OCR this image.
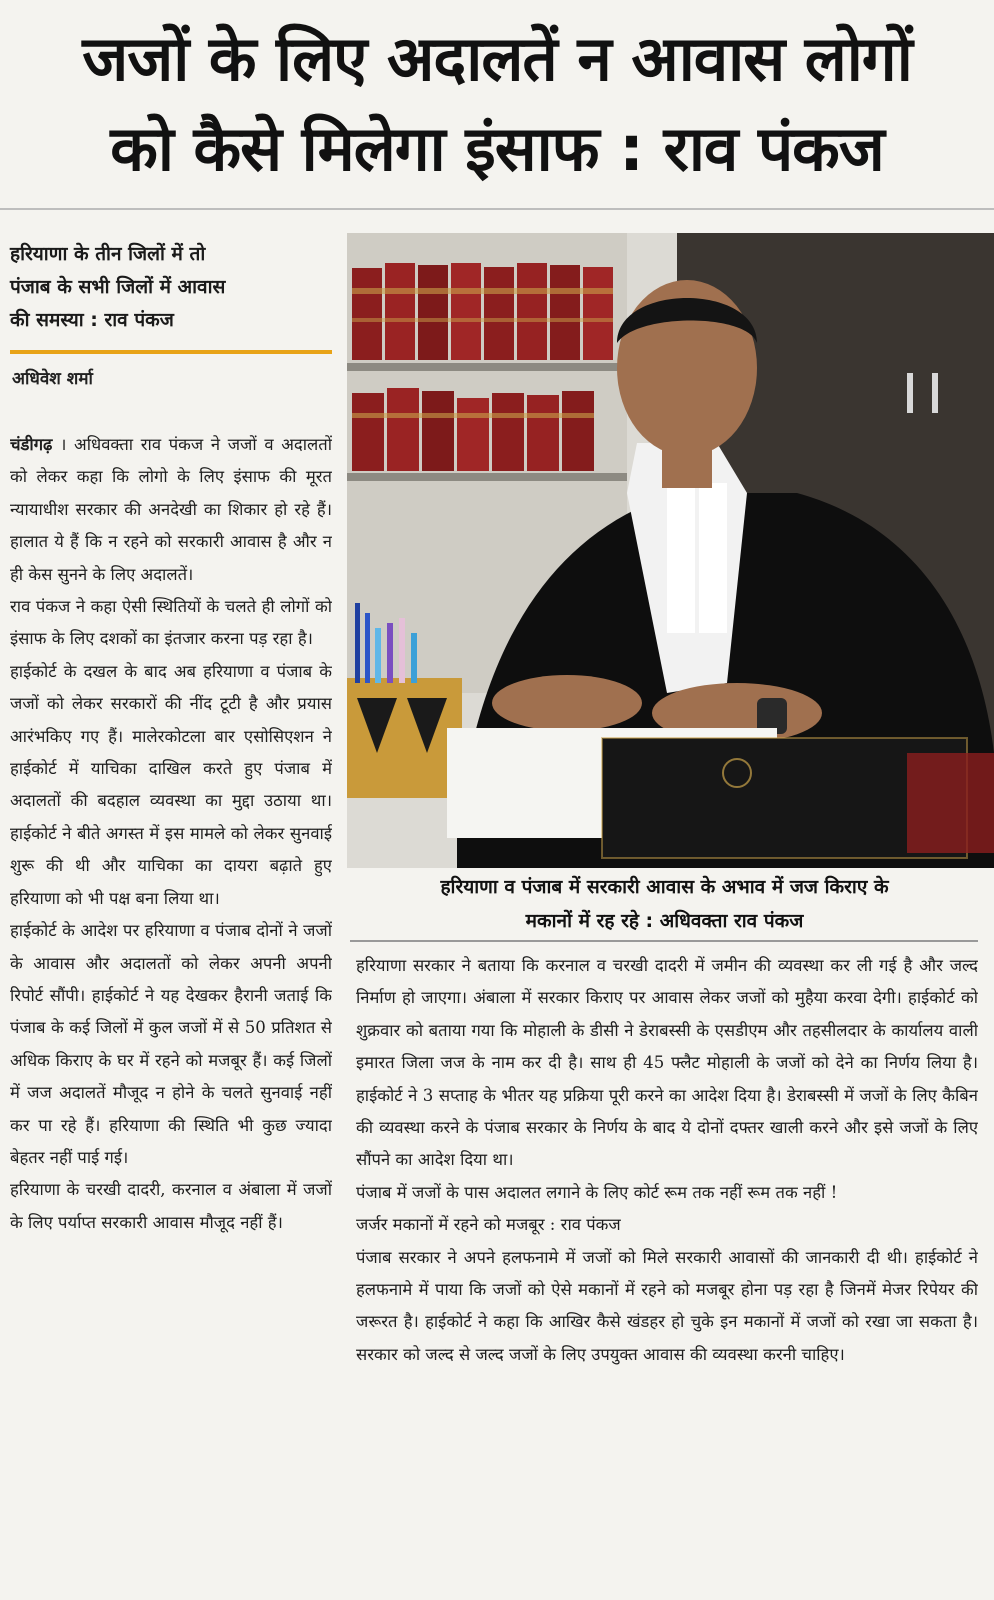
जजों के लिए अदालतें न आवास लोगों
को कैसे मिलेगा इंसाफ : राव पंकज
हरियाणा के तीन जिलों में तो
पंजाब के सभी जिलों में आवास
की समस्या : राव पंकज
अधिवेश शर्मा

चंडीगढ़ । अधिवक्ता राव पंकज ने जजों व अदालतों को लेकर कहा कि लोगो के लिए इंसाफ की मूरत न्यायाधीश सरकार की अनदेखी का शिकार हो रहे हैं। हालात ये हैं कि न रहने को सरकारी आवास है और न ही केस सुनने के लिए अदालतें।

राव पंकज ने कहा ऐसी स्थितियों के चलते ही लोगों को इंसाफ के लिए दशकों का इंतजार करना पड़ रहा है।

हाईकोर्ट के दखल के बाद अब हरियाणा व पंजाब के जजों को लेकर सरकारों की नींद टूटी है और प्रयास आरंभकिए गए हैं। मालेरकोटला बार एसोसिएशन ने हाईकोर्ट में याचिका दाखिल करते हुए पंजाब में अदालतों की बदहाल व्यवस्था का मुद्दा उठाया था। हाईकोर्ट ने बीते अगस्त में इस मामले को लेकर सुनवाई शुरू की थी और याचिका का दायरा बढ़ाते हुए हरियाणा को भी पक्ष बना लिया था।

हाईकोर्ट के आदेश पर हरियाणा व पंजाब दोनों ने जजों के आवास और अदालतों को लेकर अपनी अपनी रिपोर्ट सौंपी। हाईकोर्ट ने यह देखकर हैरानी जताई कि पंजाब के कई जिलों में कुल जजों में से 50 प्रतिशत से अधिक किराए के घर में रहने को मजबूर हैं। कई जिलों में जज अदालतें मौजूद न होने के चलते सुनवाई नहीं कर पा रहे हैं। हरियाणा की स्थिति भी कुछ ज्यादा बेहतर नहीं पाई गई।

हरियाणा के चरखी दादरी, करनाल व अंबाला में जजों के लिए पर्याप्त सरकारी आवास मौजूद नहीं हैं।

हरियाणा व पंजाब में सरकारी आवास के अभाव में जज किराए के
मकानों में रह रहे : अधिवक्ता राव पंकज

हरियाणा सरकार ने बताया कि करनाल व चरखी दादरी में जमीन की व्यवस्था कर ली गई है और जल्द निर्माण हो जाएगा। अंबाला में सरकार किराए पर आवास लेकर जजों को मुहैया करवा देगी। हाईकोर्ट को शुक्रवार को बताया गया कि मोहाली के डीसी ने डेराबस्सी के एसडीएम और तहसीलदार के कार्यालय वाली इमारत जिला जज के नाम कर दी है। साथ ही 45 फ्लैट मोहाली के जजों को देने का निर्णय लिया है। हाईकोर्ट ने 3 सप्ताह के भीतर यह प्रक्रिया पूरी करने का आदेश दिया है। डेराबस्सी में जजों के लिए कैबिन की व्यवस्था करने के पंजाब सरकार के निर्णय के बाद ये दोनों दफ्तर खाली करने और इसे जजों के लिए सौंपने का आदेश दिया था।

पंजाब में जजों के पास अदालत लगाने के लिए कोर्ट रूम तक नहीं रूम तक नहीं !

जर्जर मकानों में रहने को मजबूर : राव पंकज

पंजाब सरकार ने अपने हलफनामे में जजों को मिले सरकारी आवासों की जानकारी दी थी। हाईकोर्ट ने हलफनामे में पाया कि जजों को ऐसे मकानों में रहने को मजबूर होना पड़ रहा है जिनमें मेजर रिपेयर की जरूरत है। हाईकोर्ट ने कहा कि आखिर कैसे खंडहर हो चुके इन मकानों में जजों को रखा जा सकता है। सरकार को जल्द से जल्द जजों के लिए उपयुक्त आवास की व्यवस्था करनी चाहिए।
